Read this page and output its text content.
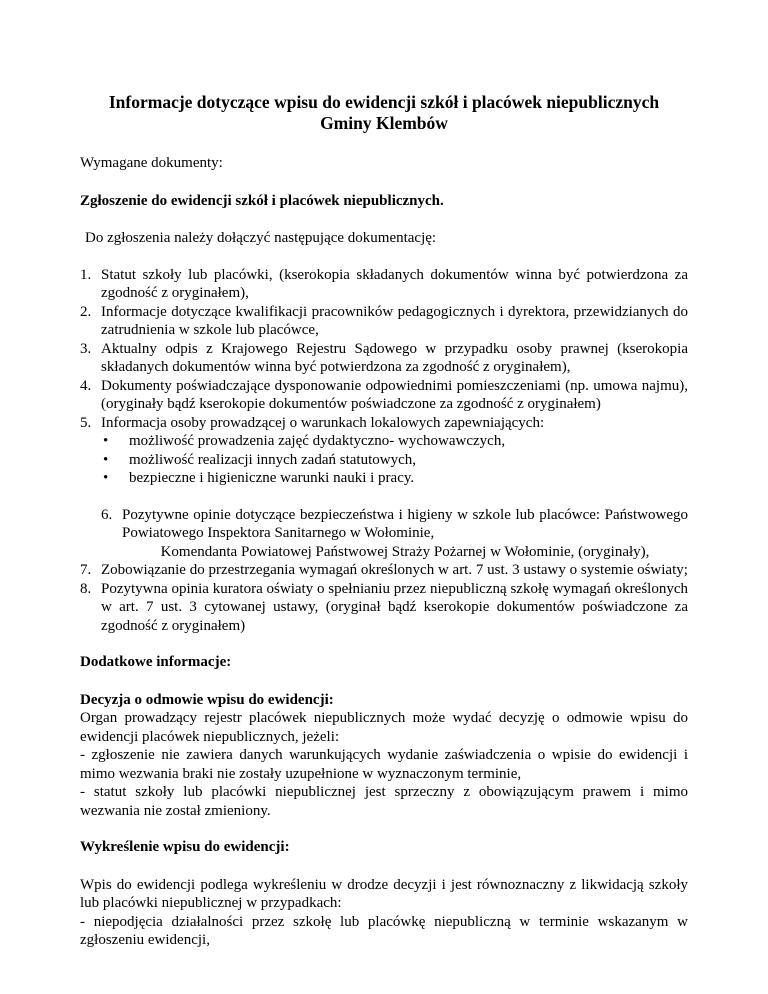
Informacje dotyczące wpisu do ewidencji szkół i placówek niepublicznych
Gminy Klembów

Wymagane dokumenty:

Zgłoszenie do ewidencji szkół i placówek niepublicznych.

Do zgłoszenia należy dołączyć następujące dokumentację:

1. Statut szkoły lub placówki, (kserokopia składanych dokumentów winna być potwierdzona za zgodność z oryginałem),
2. Informacje dotyczące kwalifikacji pracowników pedagogicznych i dyrektora, przewidzianych do zatrudnienia w szkole lub placówce,
3. Aktualny odpis z Krajowego Rejestru Sądowego w przypadku osoby prawnej (kserokopia składanych dokumentów winna być potwierdzona za zgodność z oryginałem),
4. Dokumenty poświadczające dysponowanie odpowiednimi pomieszczeniami (np. umowa najmu), (oryginały bądź kserokopie dokumentów poświadczone za zgodność z oryginałem)
5. Informacja osoby prowadzącej o warunkach lokalowych zapewniających:
• możliwość prowadzenia zajęć dydaktyczno- wychowawczych,
• możliwość realizacji innych zadań statutowych,
• bezpieczne i higieniczne warunki nauki i pracy.
6. Pozytywne opinie dotyczące bezpieczeństwa i higieny w szkole lub placówce: Państwowego Powiatowego Inspektora Sanitarnego w Wołominie,
Komendanta Powiatowej Państwowej Straży Pożarnej w Wołominie, (oryginały),
7. Zobowiązanie do przestrzegania wymagań określonych w art. 7 ust. 3 ustawy o systemie oświaty;
8. Pozytywna opinia kuratora oświaty o spełnianiu przez niepubliczną szkołę wymagań określonych w art. 7 ust. 3 cytowanej ustawy, (oryginał bądź kserokopie dokumentów poświadczone za zgodność z oryginałem)

Dodatkowe informacje:

Decyzja o odmowie wpisu do ewidencji:

Organ prowadzący rejestr placówek niepublicznych może wydać decyzję o odmowie wpisu do ewidencji placówek niepublicznych, jeżeli:

- zgłoszenie nie zawiera danych warunkujących wydanie zaświadczenia o wpisie do ewidencji i mimo wezwania braki nie zostały uzupełnione w wyznaczonym terminie,

- statut szkoły lub placówki niepublicznej jest sprzeczny z obowiązującym prawem i mimo wezwania nie został zmieniony.

Wykreślenie wpisu do ewidencji:

Wpis do ewidencji podlega wykreśleniu w drodze decyzji i jest równoznaczny z likwidacją szkoły lub placówki niepublicznej w przypadkach:

- niepodjęcia działalności przez szkołę lub placówkę niepubliczną w terminie wskazanym w zgłoszeniu ewidencji,
